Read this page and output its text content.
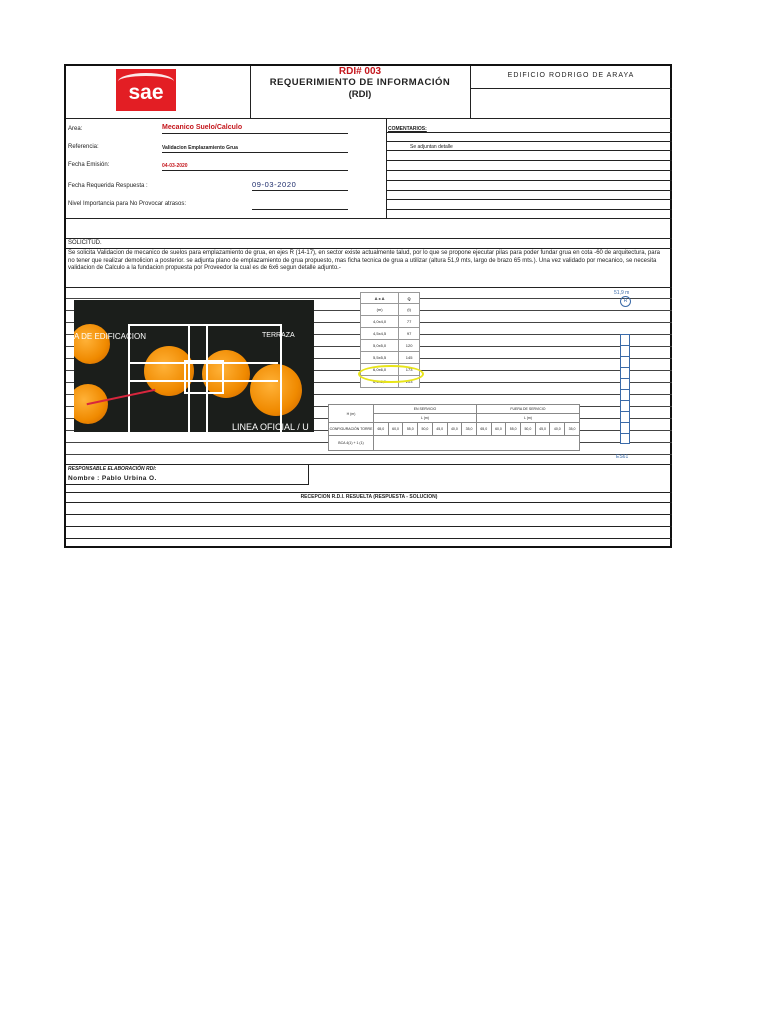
sae
RDI# 003
REQUERIMIENTO DE INFORMACIÓN
(RDI)
EDIFICIO RODRIGO DE ARAYA
Area:	Mecanico Suelo/Calculo
Referencia:	Validacion Emplazamiento Grua
Fecha Emisión:	04-03-2020
Fecha Requerida Respuesta :	09-03-2020
Nivel Importancia para No Provocar atrasos:
COMENTARIOS:
Se adjuntan detalle
SOLICITUD.
Se solicita Validacion de mecanico de suelos para emplazamiento de grua, en ejes R (14-17), en sector existe actualmente talud, por lo que se propone ejecutar pilas para poder fundar grua en cota -60 de arquitectura, para no tener que realizar demolicion a posterior. se adjunta plano de emplazamiento de grua propuesto, mas ficha tecnica de grua a utilizar (altura 51,9 mts, largo de brazo 65 mts.). Una vez validado por mecanico, se necesita validacion de Calculo a la fundacion propuesta por Proveedor la cual es de 6x6 segun detalle adjunto.-
A DE EDIFICACION	TERRAZA
LINEA OFICIAL / U
A x A	Q
(m)	(t)
4,0x4,0	77
4,5x4,5	97
5,0x5,0	120
5,5x5,5	145
6,0x6,0	173
6,5x6,5	203
H (m)	EN SERVICIO							FUERA DE SERVICIO						
	L (m)							L (m)						
CONFIGURACIÓN TORRE	65,0	60,0	55,0	50,0	45,0	40,0	35,0	65,0	60,0	55,0	50,0	45,0	40,0	35,0
BCA 4(1) + 1 (1)														
51,9 m
R
ES61
RESPONSABLE ELABORACIÓN RDI:
Nombre : Pablo Urbina O.
RECEPCION R.D.I. RESUELTA (RESPUESTA - SOLUCION)
